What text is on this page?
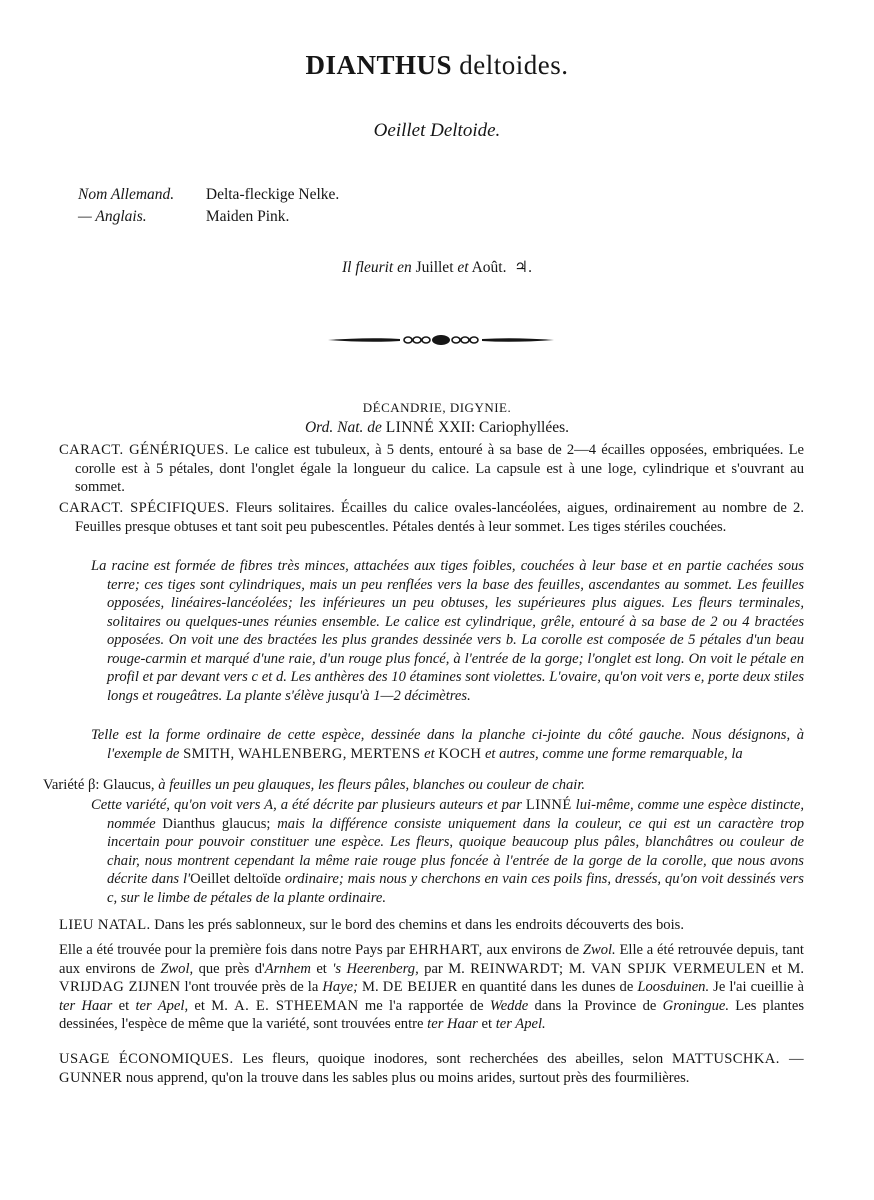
DIANTHUS deltoides.
Oeillet Deltoide.
Nom Allemand. Delta-fleckige Nelke.
— Anglais.	Maiden Pink.
Il fleurit en Juillet et Août. ♃.
DÉCANDRIE, DIGYNIE.
Ord. Nat. de LINNÉ XXII: Cariophyllées.
CARACT. GÉNÉRIQUES. Le calice est tubuleux, à 5 dents, entouré à sa base de 2—4 écailles opposées, embriquées. Le corolle est à 5 pétales, dont l'onglet égale la longueur du calice. La capsule est à une loge, cylindrique et s'ouvrant au sommet.
CARACT. SPÉCIFIQUES. Fleurs solitaires. Écailles du calice ovales-lancéolées, aigues, ordinairement au nombre de 2. Feuilles presque obtuses et tant soit peu pubescentles. Pétales dentés à leur sommet. Les tiges stériles couchées.
La racine est formée de fibres très minces, attachées aux tiges foibles, couchées à leur base et en partie cachées sous terre; ces tiges sont cylindriques, mais un peu renflées vers la base des feuilles, ascendantes au sommet. Les feuilles opposées, linéaires-lancéolées; les inférieures un peu obtuses, les supérieures plus aigues. Les fleurs terminales, solitaires ou quelques-unes réunies ensemble. Le calice est cylindrique, grêle, entouré à sa base de 2 ou 4 bractées opposées. On voit une des bractées les plus grandes dessinée vers b. La corolle est composée de 5 pétales d'un beau rouge-carmin et marqué d'une raie, d'un rouge plus foncé, à l'entrée de la gorge; l'onglet est long. On voit le pétale en profil et par devant vers c et d. Les anthères des 10 étamines sont violettes. L'ovaire, qu'on voit vers e, porte deux stiles longs et rougeâtres. La plante s'élève jusqu'à 1—2 décimètres.
Telle est la forme ordinaire de cette espèce, dessinée dans la planche ci-jointe du côté gauche. Nous désignons, à l'exemple de SMITH, WAHLENBERG, MERTENS et KOCH et autres, comme une forme remarquable, la
Variété β: Glaucus, à feuilles un peu glauques, les fleurs pâles, blanches ou couleur de chair.
Cette variété, qu'on voit vers A, a été décrite par plusieurs auteurs et par LINNÉ lui-même, comme une espèce distincte, nommée Dianthus glaucus; mais la différence consiste uniquement dans la couleur, ce qui est un caractère trop incertain pour pouvoir constituer une espèce. Les fleurs, quoique beaucoup plus pâles, blanchâtres ou couleur de chair, nous montrent cependant la même raie rouge plus foncée à l'entrée de la gorge de la corolle, que nous avons décrite dans l'Oeillet deltoïde ordinaire; mais nous y cherchons en vain ces poils fins, dressés, qu'on voit dessinés vers c, sur le limbe de pétales de la plante ordinaire.
LIEU NATAL. Dans les prés sablonneux, sur le bord des chemins et dans les endroits découverts des bois.
Elle a été trouvée pour la première fois dans notre Pays par EHRHART, aux environs de Zwol. Elle a été retrouvée depuis, tant aux environs de Zwol, que près d'Arnhem et 's Heerenberg, par M. REINWARDT; M. VAN SPIJK VERMEULEN et M. VRIJDAG ZIJNEN l'ont trouvée près de la Haye; M. DE BEIJER en quantité dans les dunes de Loosduinen. Je l'ai cueillie à ter Haar et ter Apel, et M. A. E. STHEEMAN me l'a rapportée de Wedde dans la Province de Groningue. Les plantes dessinées, l'espèce de même que la variété, sont trouvées entre ter Haar et ter Apel.
USAGE ÉCONOMIQUES. Les fleurs, quoique inodores, sont recherchées des abeilles, selon MATTUSCHKA. — GUNNER nous apprend, qu'on la trouve dans les sables plus ou moins arides, surtout près des fourmilières.
